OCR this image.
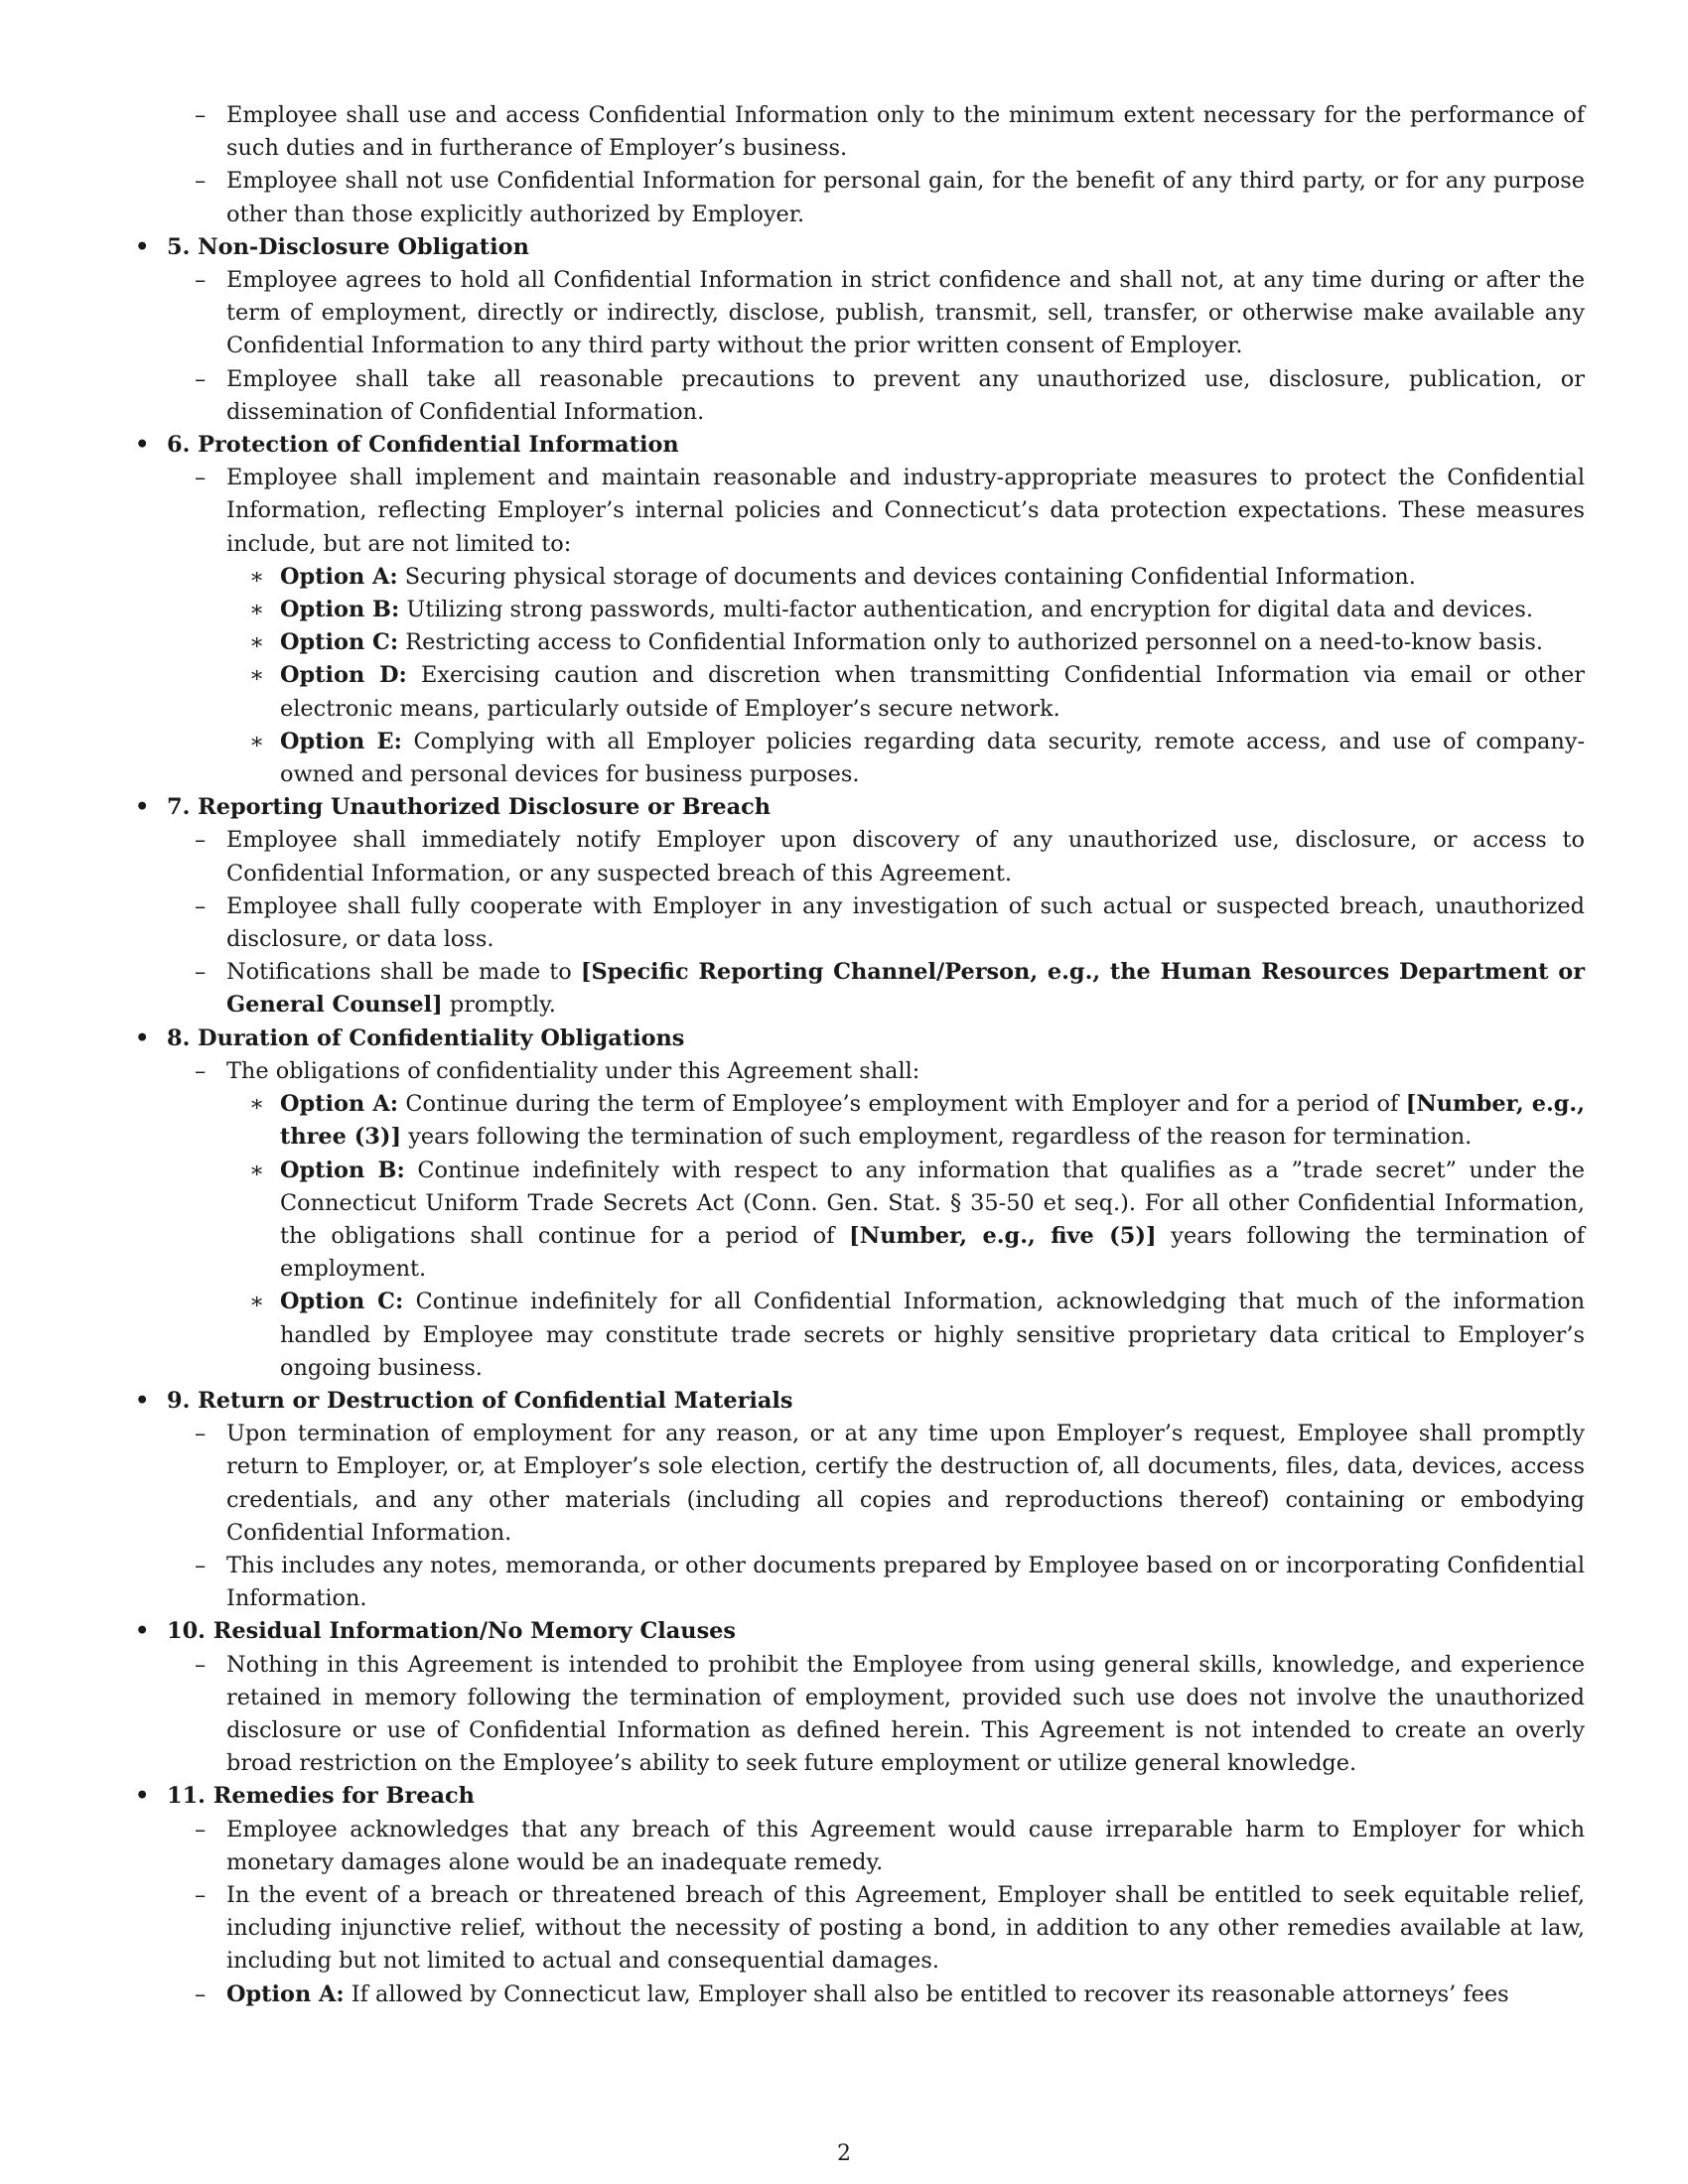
– Employee shall use and access Confidential Information only to the minimum extent necessary for the performance of such duties and in furtherance of Employer’s business.
– Employee shall not use Confidential Information for personal gain, for the benefit of any third party, or for any purpose other than those explicitly authorized by Employer.
• 5. Non-Disclosure Obligation
– Employee agrees to hold all Confidential Information in strict confidence and shall not, at any time during or after the term of employment, directly or indirectly, disclose, publish, transmit, sell, transfer, or otherwise make available any Confidential Information to any third party without the prior written consent of Employer.
– Employee shall take all reasonable precautions to prevent any unauthorized use, disclosure, publication, or dissemination of Confidential Information.
• 6. Protection of Confidential Information
– Employee shall implement and maintain reasonable and industry-appropriate measures to protect the Confidential Information, reflecting Employer’s internal policies and Connecticut’s data protection expectations. These measures include, but are not limited to:
∗ Option A: Securing physical storage of documents and devices containing Confidential Information.
∗ Option B: Utilizing strong passwords, multi-factor authentication, and encryption for digital data and devices.
∗ Option C: Restricting access to Confidential Information only to authorized personnel on a need-to-know basis.
∗ Option D: Exercising caution and discretion when transmitting Confidential Information via email or other electronic means, particularly outside of Employer’s secure network.
∗ Option E: Complying with all Employer policies regarding data security, remote access, and use of company-owned and personal devices for business purposes.
• 7. Reporting Unauthorized Disclosure or Breach
– Employee shall immediately notify Employer upon discovery of any unauthorized use, disclosure, or access to Confidential Information, or any suspected breach of this Agreement.
– Employee shall fully cooperate with Employer in any investigation of such actual or suspected breach, unauthorized disclosure, or data loss.
– Notifications shall be made to [Specific Reporting Channel/Person, e.g., the Human Resources Department or General Counsel] promptly.
• 8. Duration of Confidentiality Obligations
– The obligations of confidentiality under this Agreement shall:
∗ Option A: Continue during the term of Employee’s employment with Employer and for a period of [Number, e.g., three (3)] years following the termination of such employment, regardless of the reason for termination.
∗ Option B: Continue indefinitely with respect to any information that qualifies as a ”trade secret” under the Connecticut Uniform Trade Secrets Act (Conn. Gen. Stat. § 35-50 et seq.). For all other Confidential Information, the obligations shall continue for a period of [Number, e.g., five (5)] years following the termination of employment.
∗ Option C: Continue indefinitely for all Confidential Information, acknowledging that much of the information handled by Employee may constitute trade secrets or highly sensitive proprietary data critical to Employer’s ongoing business.
• 9. Return or Destruction of Confidential Materials
– Upon termination of employment for any reason, or at any time upon Employer’s request, Employee shall promptly return to Employer, or, at Employer’s sole election, certify the destruction of, all documents, files, data, devices, access credentials, and any other materials (including all copies and reproductions thereof) containing or embodying Confidential Information.
– This includes any notes, memoranda, or other documents prepared by Employee based on or incorporating Confidential Information.
• 10. Residual Information/No Memory Clauses
– Nothing in this Agreement is intended to prohibit the Employee from using general skills, knowledge, and experience retained in memory following the termination of employment, provided such use does not involve the unauthorized disclosure or use of Confidential Information as defined herein. This Agreement is not intended to create an overly broad restriction on the Employee’s ability to seek future employment or utilize general knowledge.
• 11. Remedies for Breach
– Employee acknowledges that any breach of this Agreement would cause irreparable harm to Employer for which monetary damages alone would be an inadequate remedy.
– In the event of a breach or threatened breach of this Agreement, Employer shall be entitled to seek equitable relief, including injunctive relief, without the necessity of posting a bond, in addition to any other remedies available at law, including but not limited to actual and consequential damages.
– Option A: If allowed by Connecticut law, Employer shall also be entitled to recover its reasonable attorneys’ fees
2
